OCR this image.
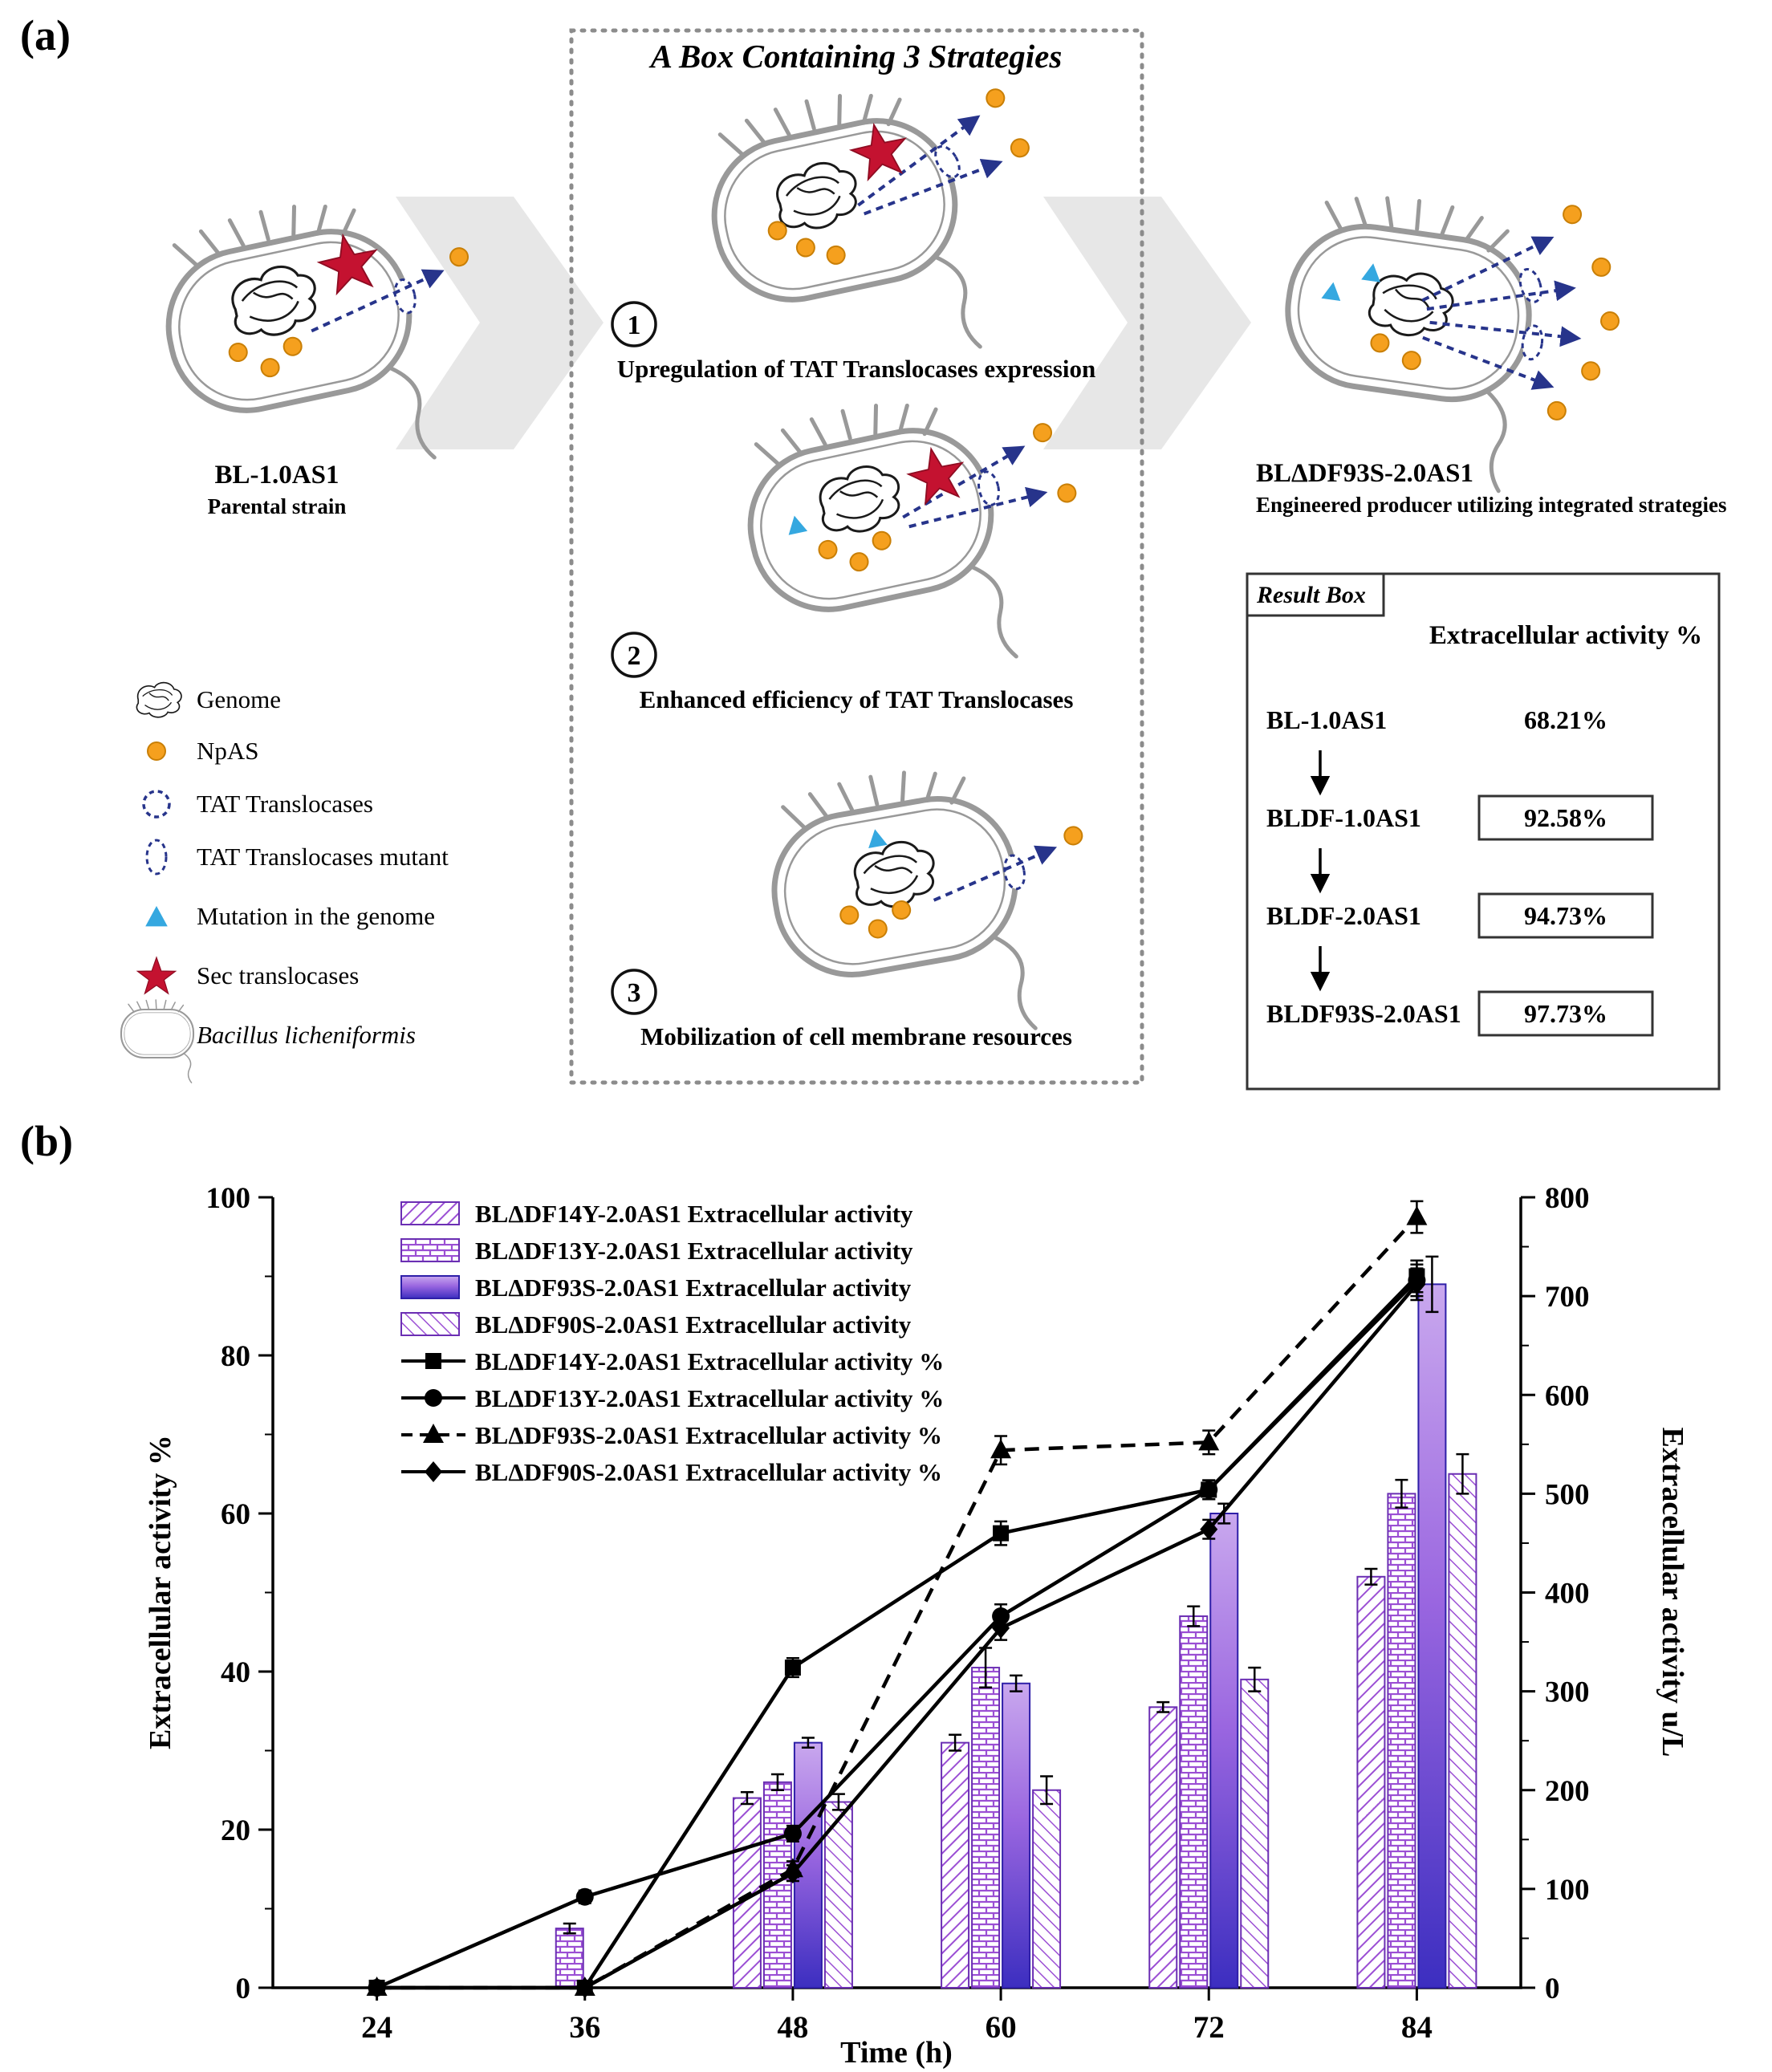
(a)	A Box Containing 3 Strategies
BL-1.0AS1
Parental strain
1
Upregulation of TAT Translocases expression
2
Enhanced efficiency of TAT Translocases
3
Mobilization of cell membrane resources
BLΔDF93S-2.0AS1
Engineered producer utilizing integrated strategies
Genome
NpAS
TAT Translocases
TAT Translocases mutant
Mutation in the genome
Sec translocases
Bacillus licheniformis
Result Box
Extracellular activity %
BL-1.0AS1	68.21%
BLDF-1.0AS1	92.58%
BLDF-2.0AS1	94.73%
BLDF93S-2.0AS1 97.73%
(b)
Extracellular activity %	Extracellular activity u/L
Time (h)
0
20
40
60
80
100
0
100
200
300
400
500
600
700
800
24	36	48	60	72	84
BLΔDF14Y-2.0AS1 Extracellular activity
BLΔDF13Y-2.0AS1 Extracellular activity
BLΔDF93S-2.0AS1 Extracellular activity
BLΔDF90S-2.0AS1 Extracellular activity
BLΔDF14Y-2.0AS1 Extracellular activity %
BLΔDF13Y-2.0AS1 Extracellular activity %
BLΔDF93S-2.0AS1 Extracellular activity %
BLΔDF90S-2.0AS1 Extracellular activity %
